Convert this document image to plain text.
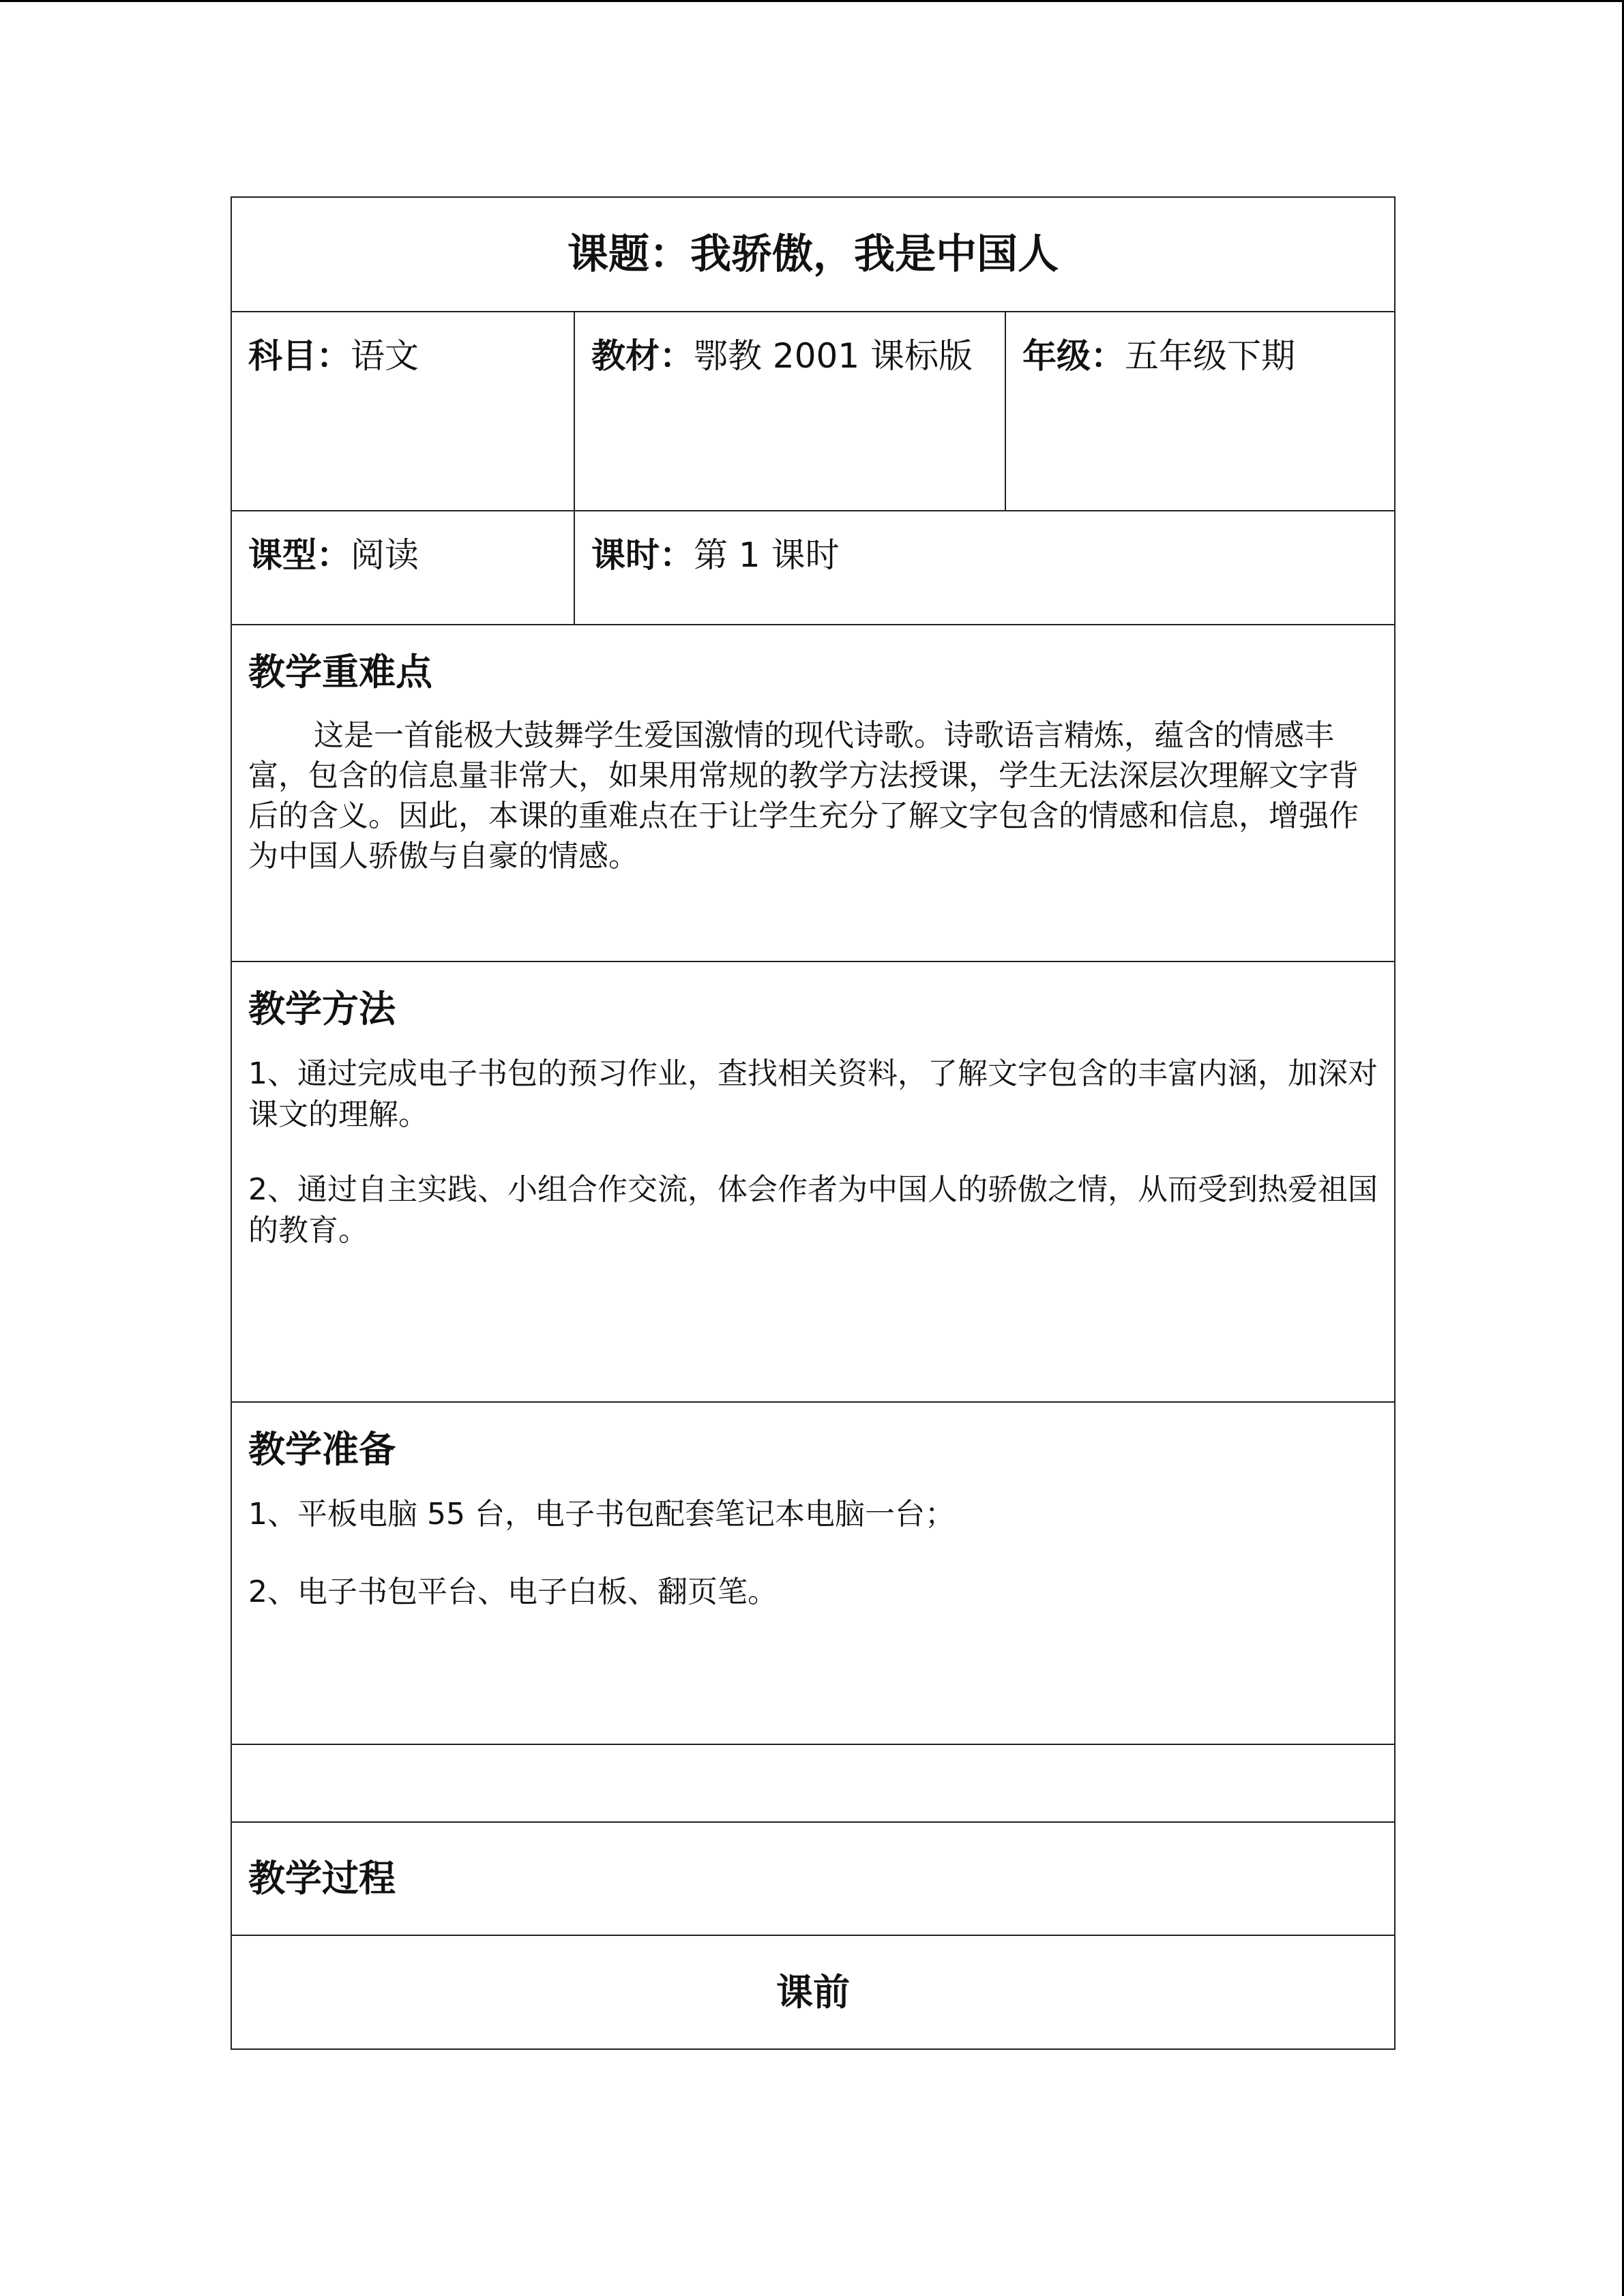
课题：我骄傲，我是中国人		
科目：语文	教材：鄂教 2001 课标版	年级：五年级下期
课型：阅读	课时：第 1 课时	

教学重难点

这是一首能极大鼓舞学生爱国激情的现代诗歌。诗歌语言精炼，蕴含的情感丰富，包含的信息量非常大，如果用常规的教学方法授课，学生无法深层次理解文字背后的含义。因此，本课的重难点在于让学生充分了解文字包含的情感和信息，增强作为中国人骄傲与自豪的情感。		

教学方法

1、通过完成电子书包的预习作业，查找相关资料，了解文字包含的丰富内涵，加深对课文的理解。

2、通过自主实践、小组合作交流，体会作者为中国人的骄傲之情，从而受到热爱祖国的教育。		

教学准备

1、平板电脑 55 台，电子书包配套笔记本电脑一台；

2、电子书包平台、电子白板、翻页笔。		

教学过程		

课前		
